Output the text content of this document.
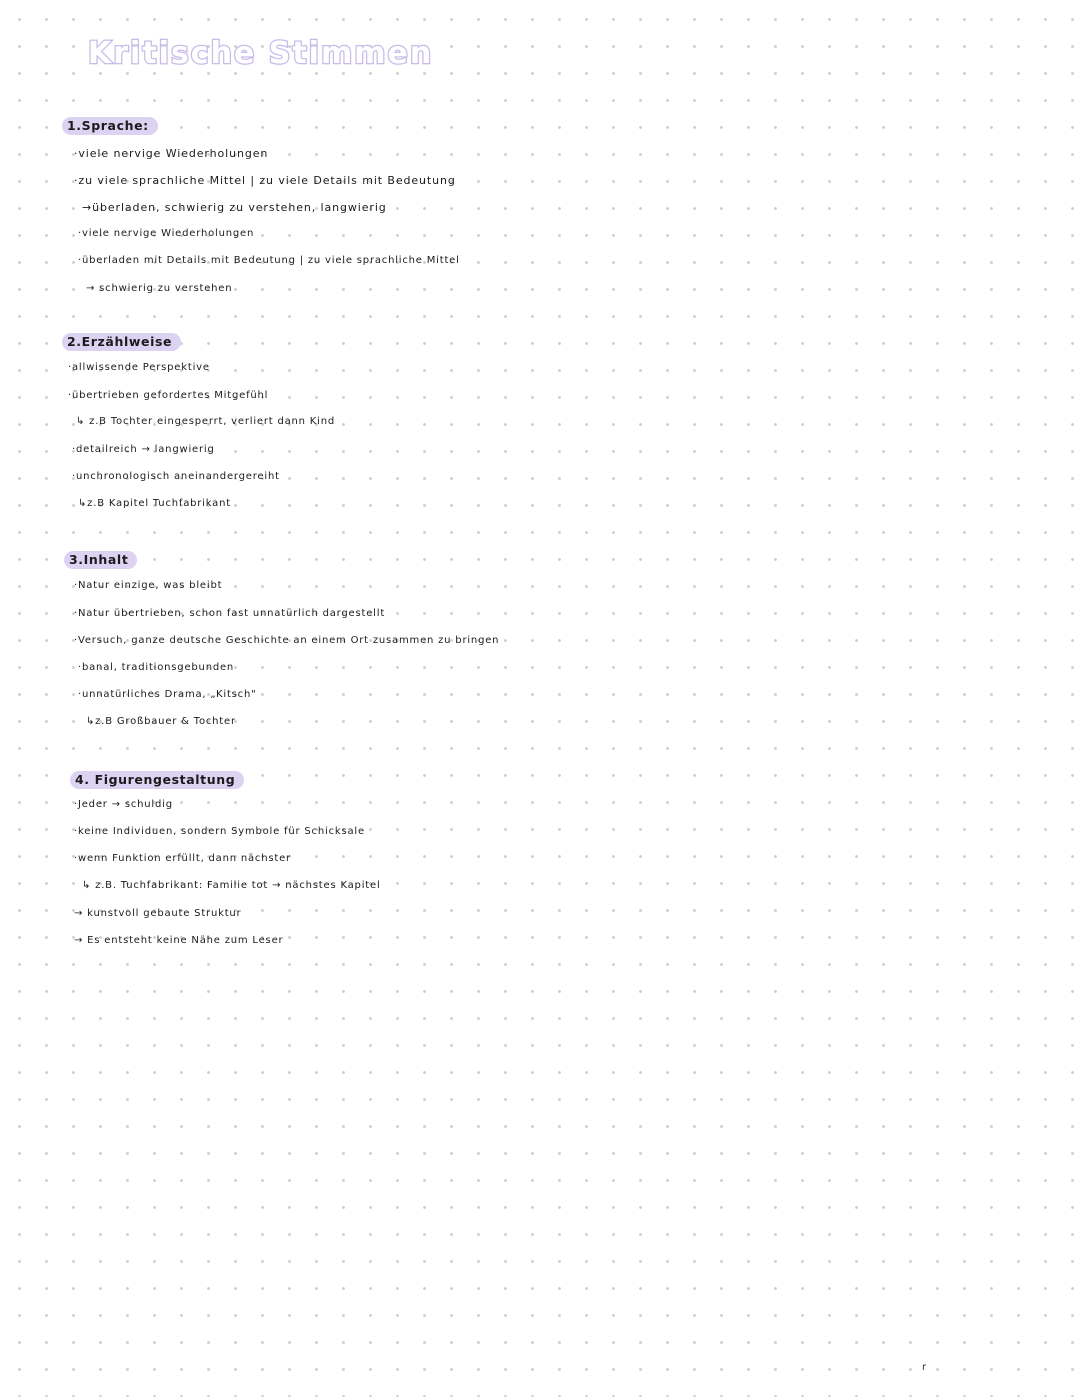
Kritische Stimmen
1.Sprache:
·viele nervige Wiederholungen
·zu viele sprachliche Mittel | zu viele Details mit Bedeutung
→überladen, schwierig zu verstehen, langwierig
·viele nervige Wiederholungen
·überladen mit Details mit Bedeutung | zu viele sprachliche Mittel
→ schwierig zu verstehen
2.Erzählweise
·allwissende Perspektive
·übertrieben gefordertes Mitgefühl
↳ z.B Tochter eingesperrt, verliert dann Kind
·detailreich → langwierig
·unchronologisch aneinandergereiht
↳z.B Kapitel Tuchfabrikant
3.Inhalt
·Natur einzige, was bleibt
·Natur übertrieben, schon fast unnatürlich dargestellt
·Versuch, ganze deutsche Geschichte an einem Ort zusammen zu bringen
·banal, traditionsgebunden
·unnatürliches Drama, „Kitsch"
↳z.B Großbauer & Tochter
4. Figurengestaltung
·Jeder → schuldig
·keine Individuen, sondern Symbole für Schicksale
·wenn Funktion erfüllt, dann nächster
↳ z.B. Tuchfabrikant: Familie tot → nächstes Kapitel
→ kunstvoll gebaute Struktur
→ Es entsteht keine Nähe zum Leser
r
